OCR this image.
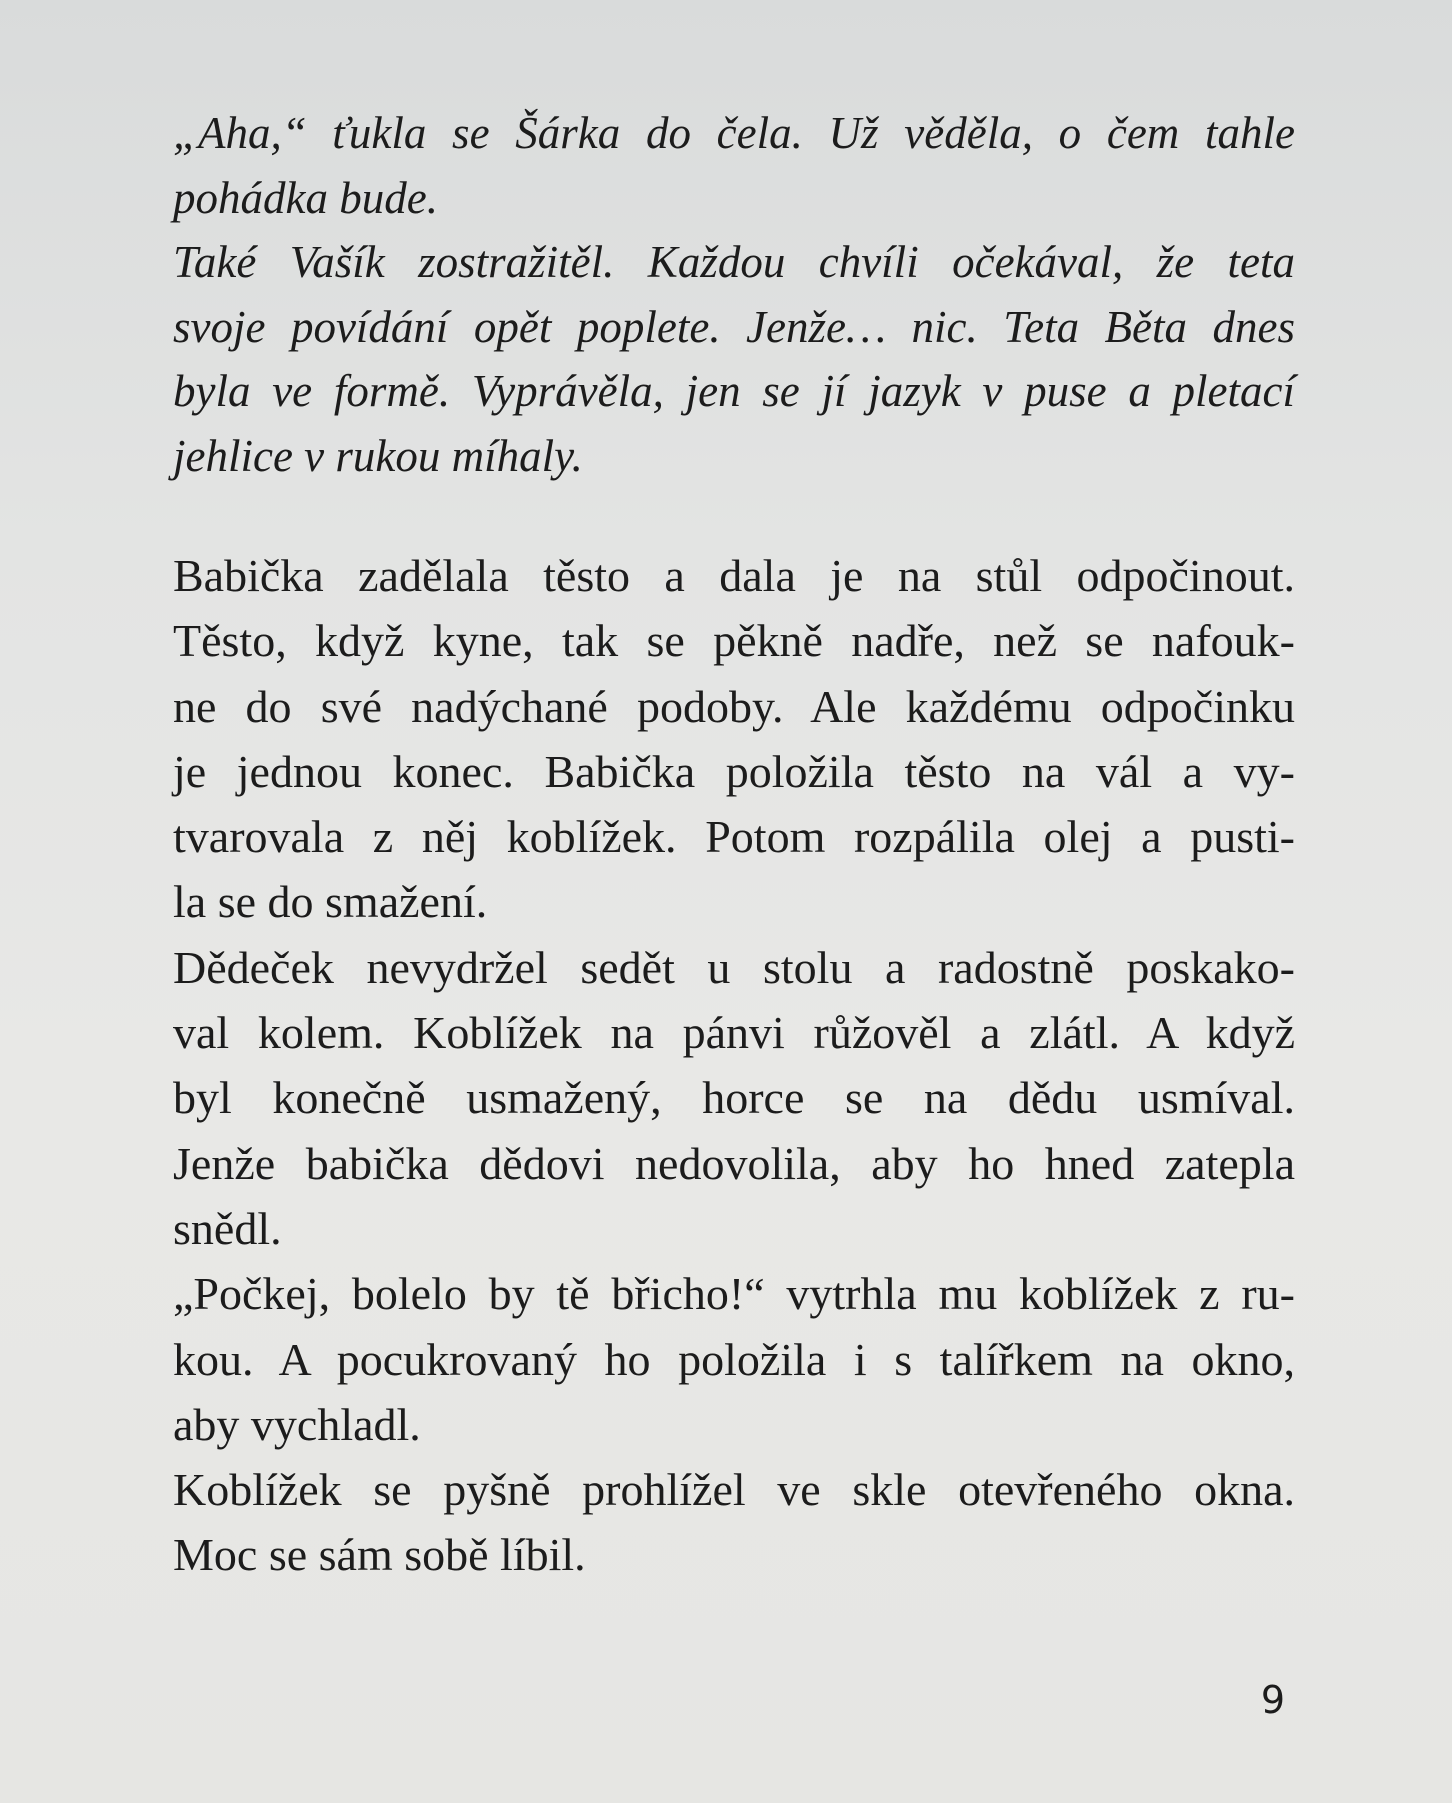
„Aha,“ ťukla se Šárka do čela. Už věděla, o čem tahle
pohádka bude.
Také Vašík zostražitěl. Každou chvíli očekával, že teta
svoje povídání opět poplete. Jenže… nic. Teta Běta dnes
byla ve formě. Vyprávěla, jen se jí jazyk v puse a pletací
jehlice v rukou míhaly.
Babička zadělala těsto a dala je na stůl odpočinout.
Těsto, když kyne, tak se pěkně nadře, než se nafouk-
ne do své nadýchané podoby. Ale každému odpočinku
je jednou konec. Babička položila těsto na vál a vy-
tvarovala z něj koblížek. Potom rozpálila olej a pusti-
la se do smažení.
Dědeček nevydržel sedět u stolu a radostně poskako-
val kolem. Koblížek na pánvi růžověl a zlátl. A když
byl konečně usmažený, horce se na dědu usmíval.
Jenže babička dědovi nedovolila, aby ho hned zatepla
snědl.
„Počkej, bolelo by tě břicho!“ vytrhla mu koblížek z ru-
kou. A pocukrovaný ho položila i s talířkem na okno,
aby vychladl.
Koblížek se pyšně prohlížel ve skle otevřeného okna.
Moc se sám sobě líbil.
9
